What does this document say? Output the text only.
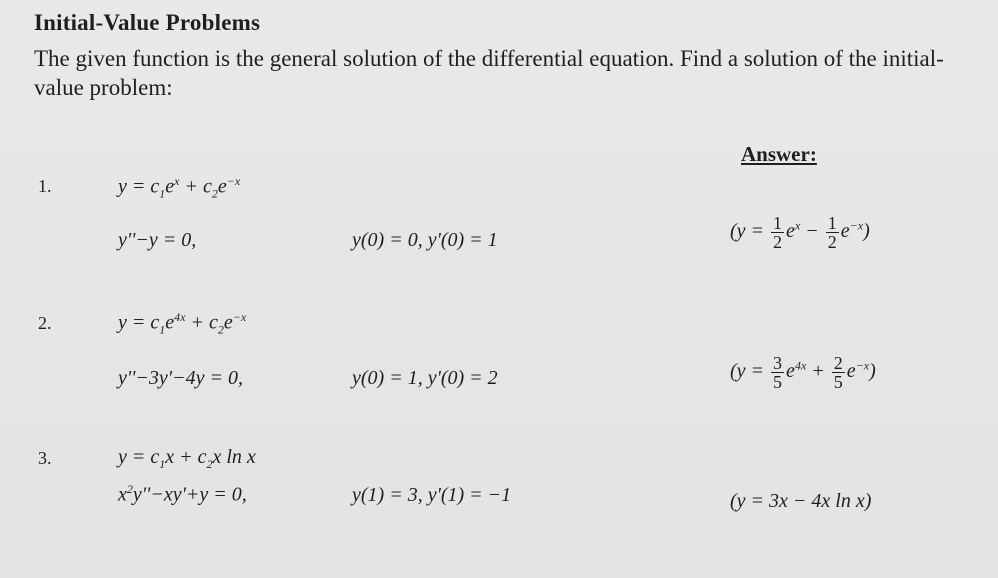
Initial-Value Problems
The given function is the general solution of the differential equation. Find a solution of the initial-value problem:
Answer:
1.	$y = c_1e^x + c_2e^{-x}$
y''−y = 0,	y(0) = 0, y'(0) = 1	$(y = \frac{1}{2} e^x - \frac{1}{2} e^{-x})$
2.	$y = c_1e^{4x} + c_2e^{-x}$
y''−3y'−4y = 0,	y(0) = 1, y'(0) = 2	$(y = \frac{3}{5} e^{4x} + \frac{2}{5} e^{-x})$
3.	$y = c_1x + c_2x$ ln x
$x^2y''-xy'+y = 0$,	y(1) = 3, y'(1) = −1	(y = 3x − 4x ln x)
